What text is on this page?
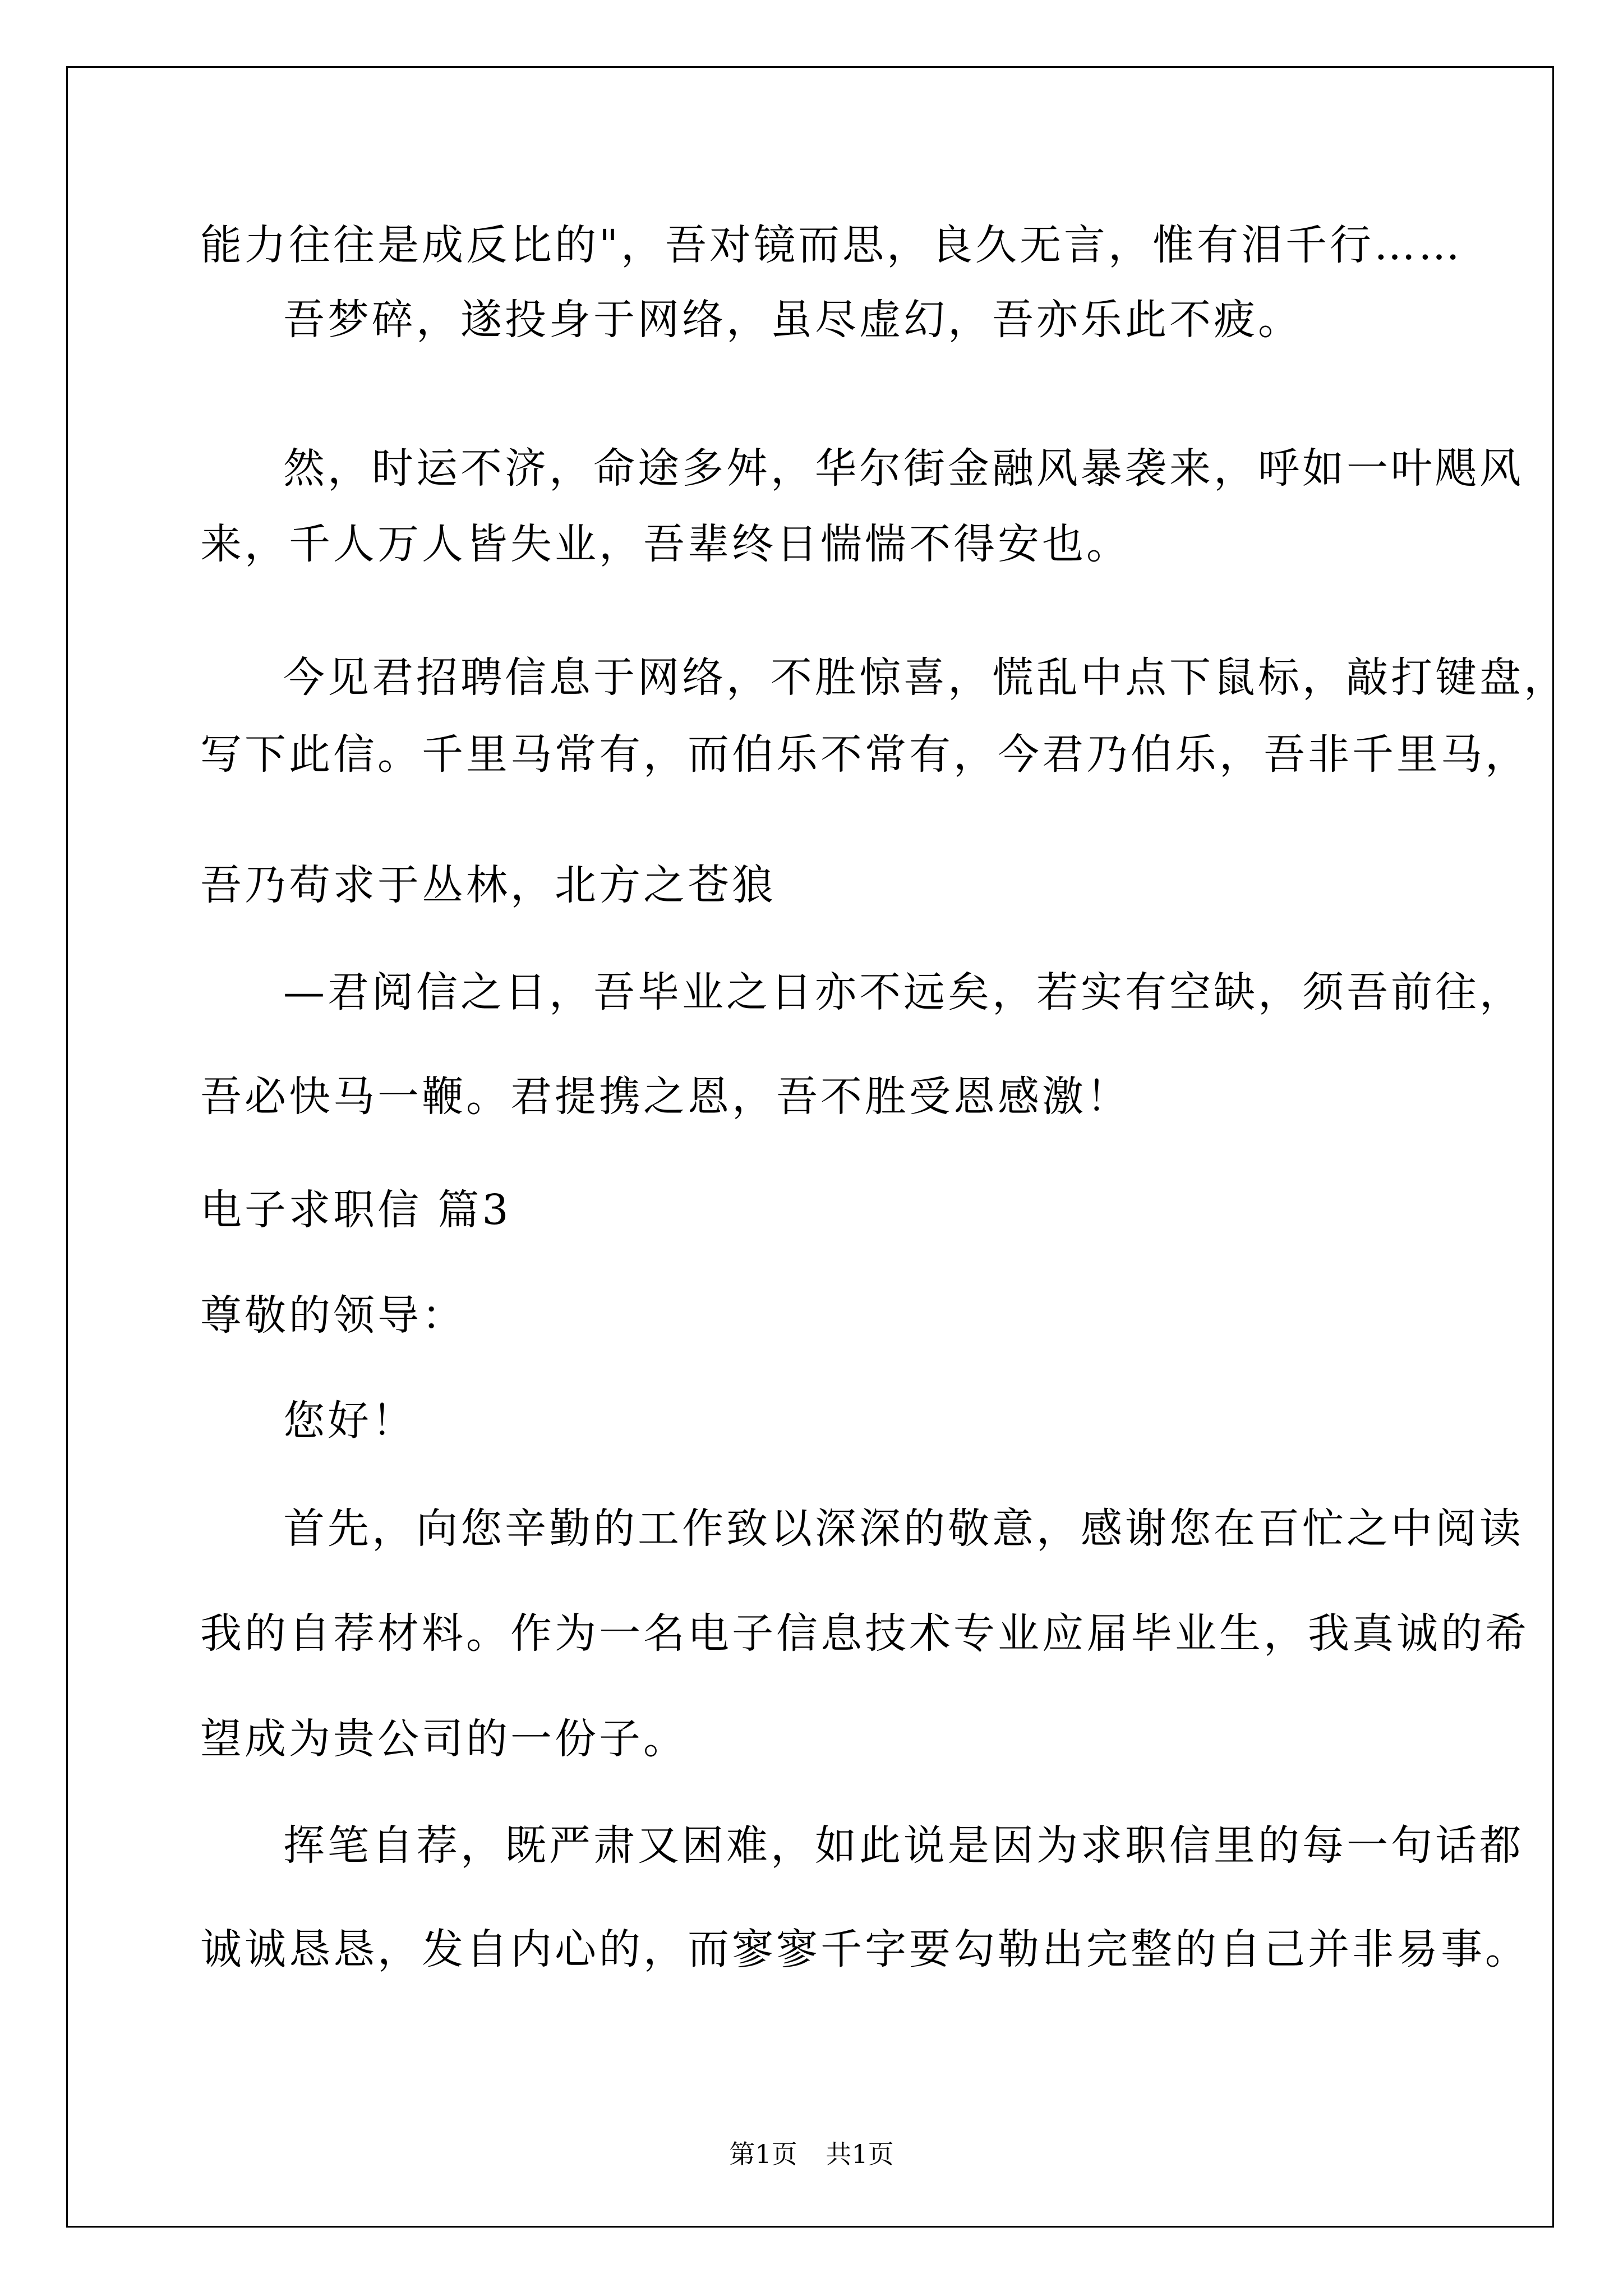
能力往往是成反比的"，吾对镜而思，良久无言，惟有泪千行……
吾梦碎，遂投身于网络，虽尽虚幻，吾亦乐此不疲。
然，时运不济，命途多舛，华尔街金融风暴袭来，呼如一叶飓风
来，千人万人皆失业，吾辈终日惴惴不得安也。
今见君招聘信息于网络，不胜惊喜，慌乱中点下鼠标，敲打键盘，
写下此信。千里马常有，而伯乐不常有，今君乃伯乐，吾非千里马，
吾乃苟求于丛林，北方之苍狼
—君阅信之日，吾毕业之日亦不远矣，若实有空缺，须吾前往，
吾必快马一鞭。君提携之恩，吾不胜受恩感激！
电子求职信 篇3
尊敬的领导：
您好！
首先，向您辛勤的工作致以深深的敬意，感谢您在百忙之中阅读
我的自荐材料。作为一名电子信息技术专业应届毕业生，我真诚的希
望成为贵公司的一份子。
挥笔自荐，既严肃又困难，如此说是因为求职信里的每一句话都
诚诚恳恳，发自内心的，而寥寥千字要勾勒出完整的自己并非易事。
第1页 共1页
